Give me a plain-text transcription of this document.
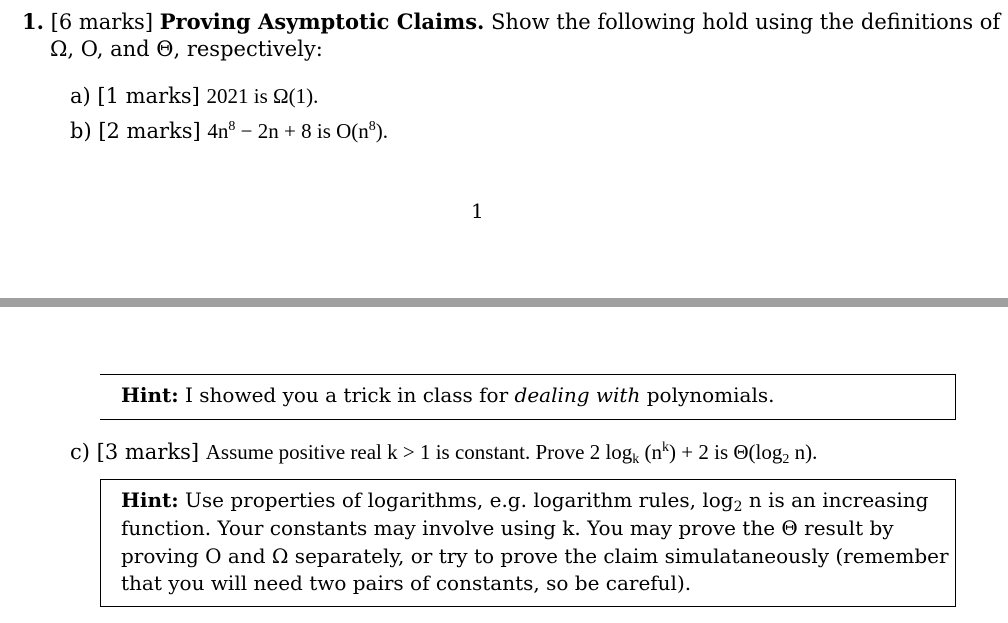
1. [6 marks] Proving Asymptotic Claims. Show the following hold using the definitions of
Ω, O, and Θ, respectively:
a) [1 marks] 2021 is Ω(1).
b) [2 marks] $4n^8 - 2n + 8$ is $O(n^8)$.
1
Hint: I showed you a trick in class for dealing with polynomials.
c) [3 marks] Assume positive real k > 1 is constant. Prove 2 $\log_k (n^k) + 2$ is $\Theta(\log_2$ n).
Hint: Use properties of logarithms, e.g. logarithm rules, $\log_2 n$ is an increasing
function. Your constants may involve using k. You may prove the Θ result by
proving O and Ω separately, or try to prove the claim simulataneously (remember
that you will need two pairs of constants, so be careful).
